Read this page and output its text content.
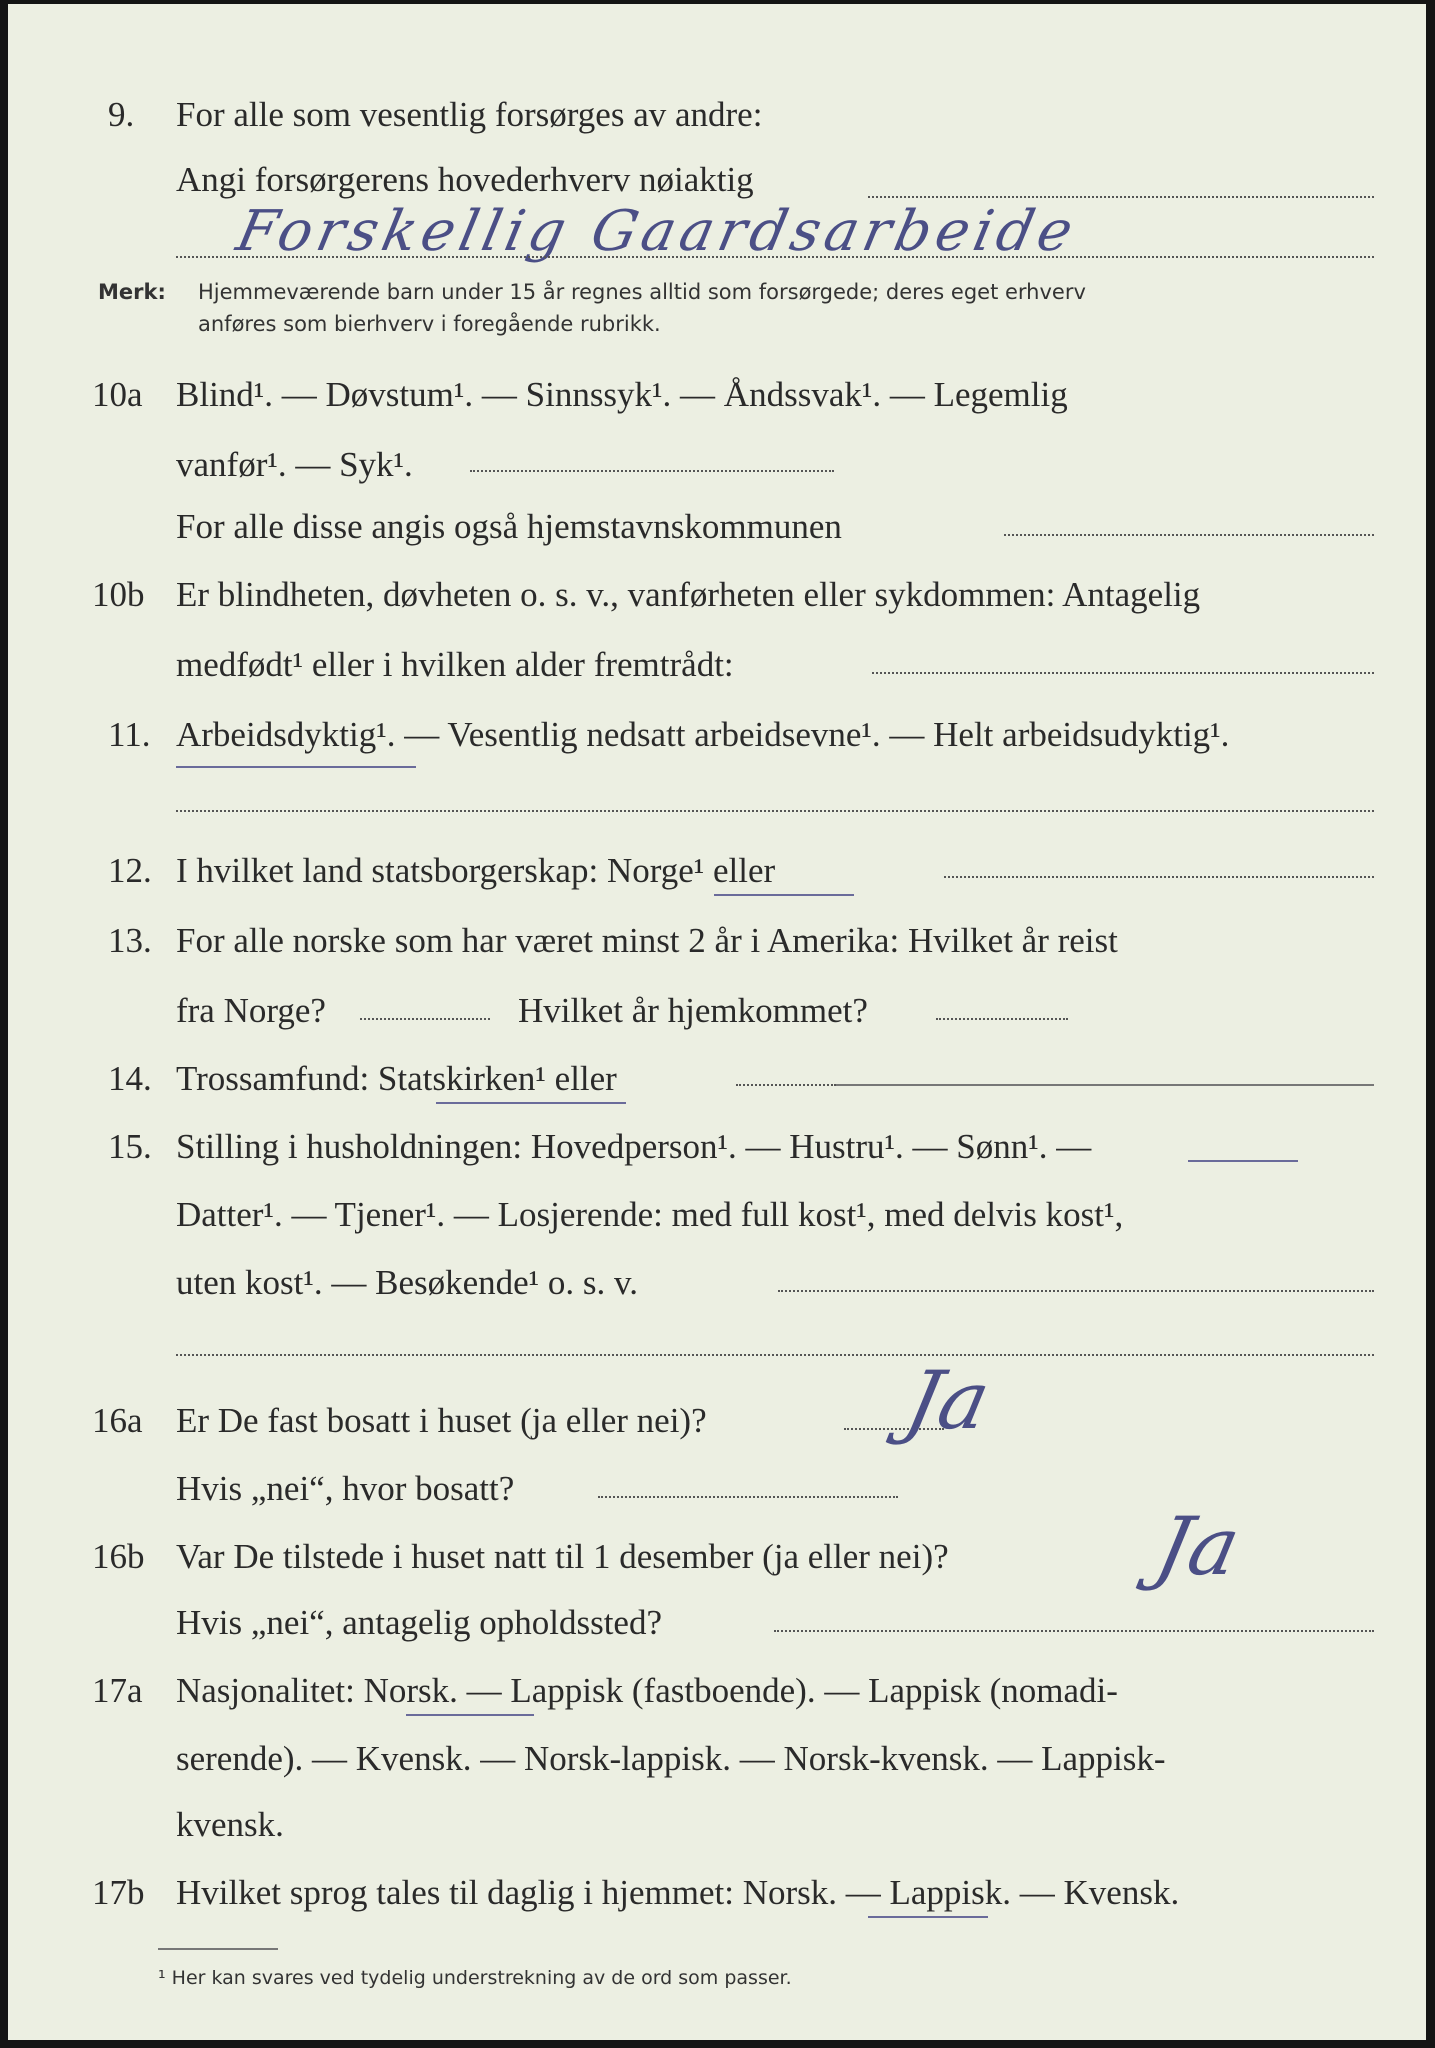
9. For alle som vesentlig forsørges av andre:
Angi forsørgerens hovederhverv nøiaktig
Forskellig Gaardsarbeide
Merk: Hjemmeværende barn under 15 år regnes alltid som forsørgede; deres eget erhverv
anføres som bierhverv i foregående rubrikk.
10a Blind¹. — Døvstum¹. — Sinnssyk¹. — Åndssvak¹. — Legemlig
vanfør¹. — Syk¹.
For alle disse angis også hjemstavnskommunen
10b Er blindheten, døvheten o. s. v., vanførheten eller sykdommen: Antagelig
medfødt¹ eller i hvilken alder fremtrådt:
11. Arbeidsdyktig¹. — Vesentlig nedsatt arbeidsevne¹. — Helt arbeidsudyktig¹.
12. I hvilket land statsborgerskap: Norge¹ eller
13. For alle norske som har været minst 2 år i Amerika: Hvilket år reist
fra Norge?	Hvilket år hjemkommet?
14. Trossamfund: Statskirken¹ eller
15. Stilling i husholdningen: Hovedperson¹. — Hustru¹. — Sønn¹. —
Datter¹. — Tjener¹. — Losjerende: med full kost¹, med delvis kost¹,
uten kost¹. — Besøkende¹ o. s. v.
16a Er De fast bosatt i huset (ja eller nei)? Ja
Hvis „nei“, hvor bosatt?
16b Var De tilstede i huset natt til 1 desember (ja eller nei)? Ja
Hvis „nei“, antagelig opholdssted?
17a Nasjonalitet: Norsk. — Lappisk (fastboende). — Lappisk (nomadi-
serende). — Kvensk. — Norsk-lappisk. — Norsk-kvensk. — Lappisk-
kvensk.
17b Hvilket sprog tales til daglig i hjemmet: Norsk. — Lappisk. — Kvensk.
¹ Her kan svares ved tydelig understrekning av de ord som passer.
